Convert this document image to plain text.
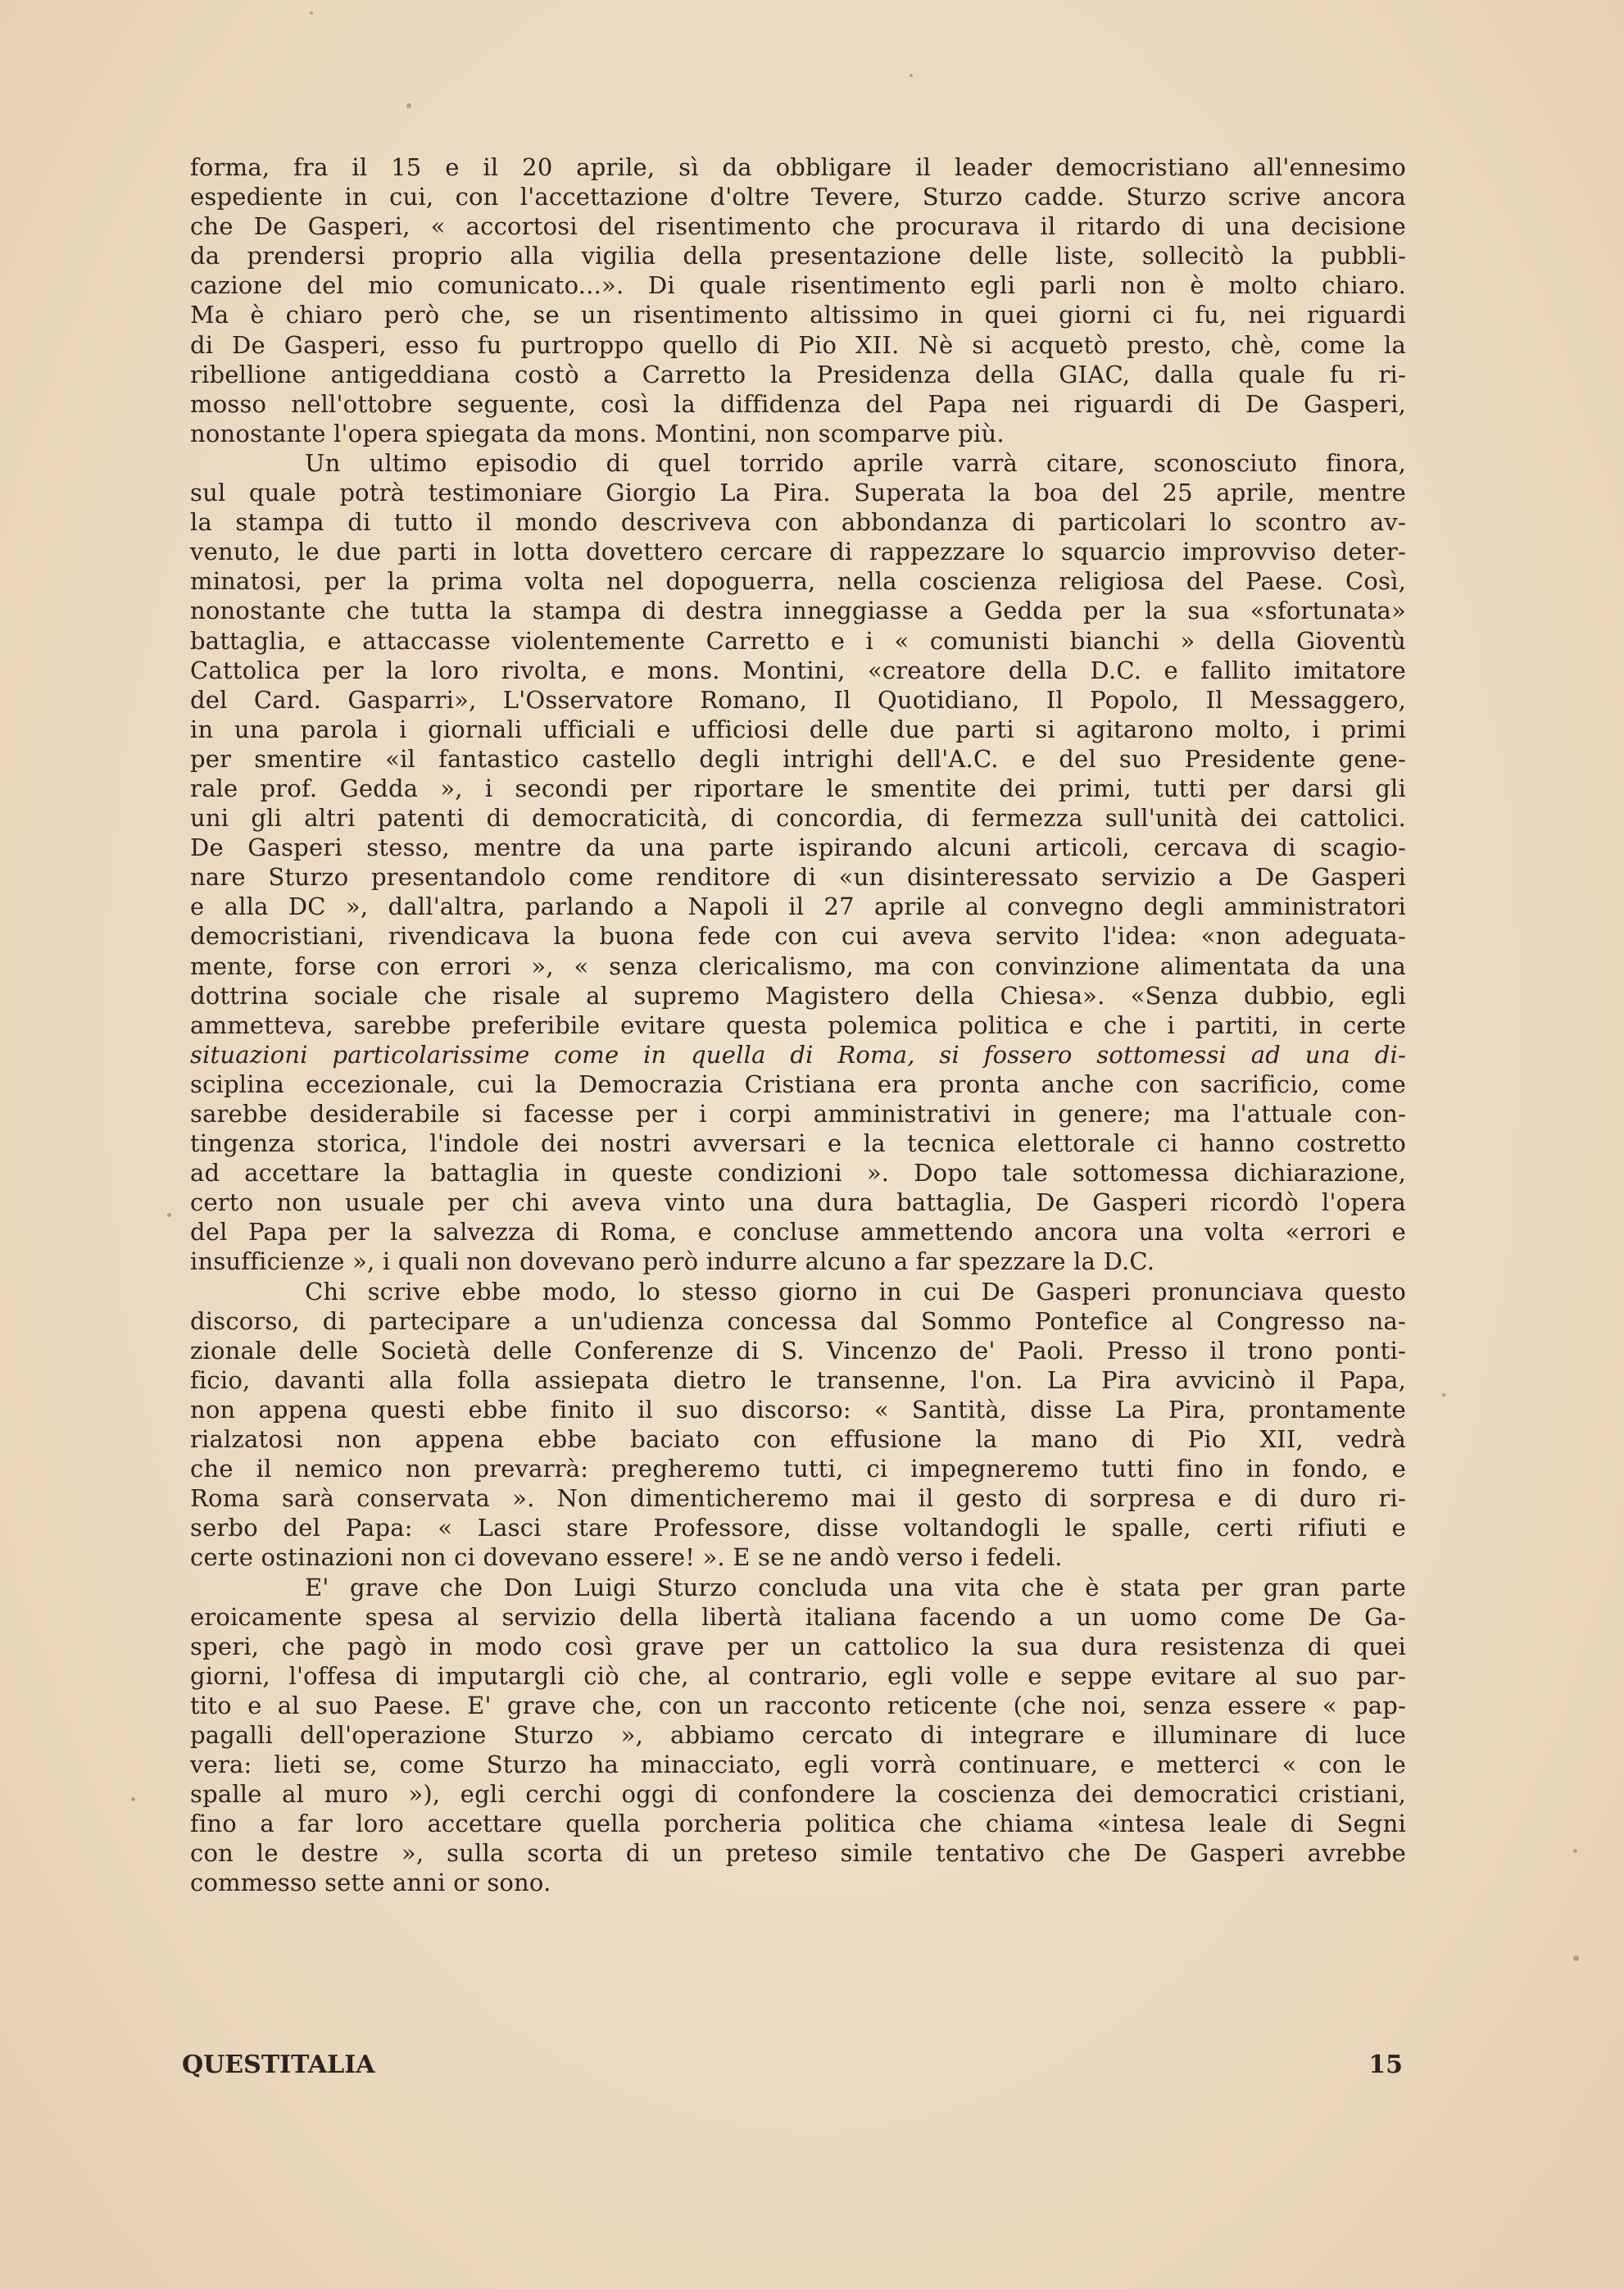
forma, fra il 15 e il 20 aprile, sì da obbligare il leader democristiano all'ennesimo
espediente in cui, con l'accettazione d'oltre Tevere, Sturzo cadde. Sturzo scrive ancora
che De Gasperi, « accortosi del risentimento che procurava il ritardo di una decisione
da prendersi proprio alla vigilia della presentazione delle liste, sollecitò la pubbli-
cazione del mio comunicato...». Di quale risentimento egli parli non è molto chiaro.
Ma è chiaro però che, se un risentimento altissimo in quei giorni ci fu, nei riguardi
di De Gasperi, esso fu purtroppo quello di Pio XII. Nè si acquetò presto, chè, come la
ribellione antigeddiana costò a Carretto la Presidenza della GIAC, dalla quale fu ri-
mosso nell'ottobre seguente, così la diffidenza del Papa nei riguardi di De Gasperi,
nonostante l'opera spiegata da mons. Montini, non scomparve più.
Un ultimo episodio di quel torrido aprile varrà citare, sconosciuto finora,
sul quale potrà testimoniare Giorgio La Pira. Superata la boa del 25 aprile, mentre
la stampa di tutto il mondo descriveva con abbondanza di particolari lo scontro av-
venuto, le due parti in lotta dovettero cercare di rappezzare lo squarcio improvviso deter-
minatosi, per la prima volta nel dopoguerra, nella coscienza religiosa del Paese. Così,
nonostante che tutta la stampa di destra inneggiasse a Gedda per la sua «sfortunata»
battaglia, e attaccasse violentemente Carretto e i « comunisti bianchi » della Gioventù
Cattolica per la loro rivolta, e mons. Montini, «creatore della D.C. e fallito imitatore
del Card. Gasparri», L'Osservatore Romano, Il Quotidiano, Il Popolo, Il Messaggero,
in una parola i giornali ufficiali e ufficiosi delle due parti si agitarono molto, i primi
per smentire «il fantastico castello degli intrighi dell'A.C. e del suo Presidente gene-
rale prof. Gedda », i secondi per riportare le smentite dei primi, tutti per darsi gli
uni gli altri patenti di democraticità, di concordia, di fermezza sull'unità dei cattolici.
De Gasperi stesso, mentre da una parte ispirando alcuni articoli, cercava di scagio-
nare Sturzo presentandolo come renditore di «un disinteressato servizio a De Gasperi
e alla DC », dall'altra, parlando a Napoli il 27 aprile al convegno degli amministratori
democristiani, rivendicava la buona fede con cui aveva servito l'idea: «non adeguata-
mente, forse con errori », « senza clericalismo, ma con convinzione alimentata da una
dottrina sociale che risale al supremo Magistero della Chiesa». «Senza dubbio, egli
ammetteva, sarebbe preferibile evitare questa polemica politica e che i partiti, in certe
situazioni particolarissime come in quella di Roma, si fossero sottomessi ad una di-
sciplina eccezionale, cui la Democrazia Cristiana era pronta anche con sacrificio, come
sarebbe desiderabile si facesse per i corpi amministrativi in genere; ma l'attuale con-
tingenza storica, l'indole dei nostri avversari e la tecnica elettorale ci hanno costretto
ad accettare la battaglia in queste condizioni ». Dopo tale sottomessa dichiarazione,
certo non usuale per chi aveva vinto una dura battaglia, De Gasperi ricordò l'opera
del Papa per la salvezza di Roma, e concluse ammettendo ancora una volta «errori e
insufficienze », i quali non dovevano però indurre alcuno a far spezzare la D.C.
Chi scrive ebbe modo, lo stesso giorno in cui De Gasperi pronunciava questo
discorso, di partecipare a un'udienza concessa dal Sommo Pontefice al Congresso na-
zionale delle Società delle Conferenze di S. Vincenzo de' Paoli. Presso il trono ponti-
ficio, davanti alla folla assiepata dietro le transenne, l'on. La Pira avvicinò il Papa,
non appena questi ebbe finito il suo discorso: « Santità, disse La Pira, prontamente
rialzatosi non appena ebbe baciato con effusione la mano di Pio XII, vedrà
che il nemico non prevarrà: pregheremo tutti, ci impegneremo tutti fino in fondo, e
Roma sarà conservata ». Non dimenticheremo mai il gesto di sorpresa e di duro ri-
serbo del Papa: « Lasci stare Professore, disse voltandogli le spalle, certi rifiuti e
certe ostinazioni non ci dovevano essere! ». E se ne andò verso i fedeli.
E' grave che Don Luigi Sturzo concluda una vita che è stata per gran parte
eroicamente spesa al servizio della libertà italiana facendo a un uomo come De Ga-
speri, che pagò in modo così grave per un cattolico la sua dura resistenza di quei
giorni, l'offesa di imputargli ciò che, al contrario, egli volle e seppe evitare al suo par-
tito e al suo Paese. E' grave che, con un racconto reticente (che noi, senza essere « pap-
pagalli dell'operazione Sturzo », abbiamo cercato di integrare e illuminare di luce
vera: lieti se, come Sturzo ha minacciato, egli vorrà continuare, e metterci « con le
spalle al muro »), egli cerchi oggi di confondere la coscienza dei democratici cristiani,
fino a far loro accettare quella porcheria politica che chiama «intesa leale di Segni
con le destre », sulla scorta di un preteso simile tentativo che De Gasperi avrebbe
commesso sette anni or sono.
QUESTITALIA	15
